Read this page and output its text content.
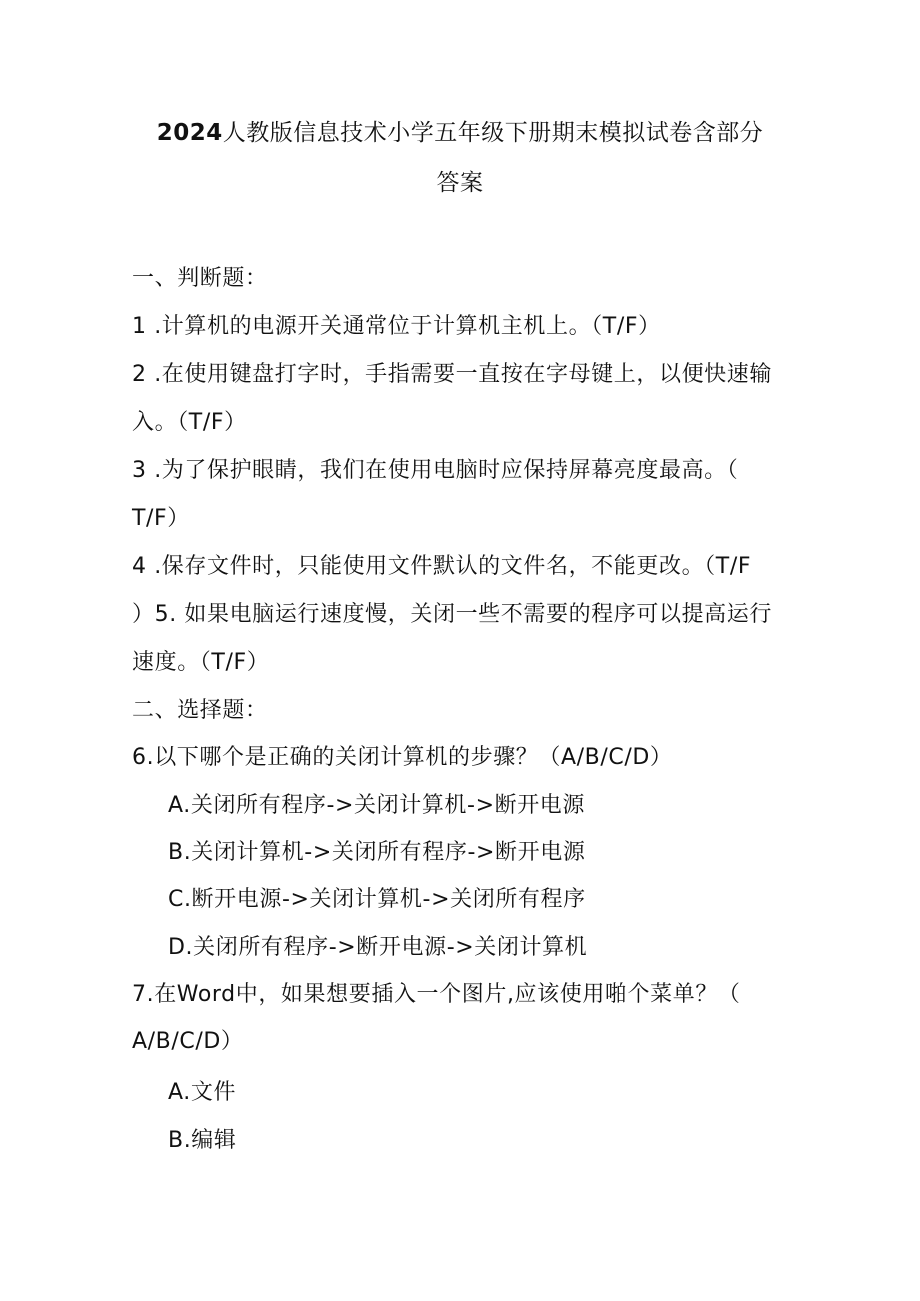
2024人教版信息技术小学五年级下册期末模拟试卷含部分
答案
一、判断题：
1 .计算机的电源开关通常位于计算机主机上。（T/F）
2 .在使用键盘打字时，手指需要一直按在字母键上，以便快速输
入。（T/F）
3 .为了保护眼睛，我们在使用电脑时应保持屏幕亮度最高。（
T/F）
4 .保存文件时，只能使用文件默认的文件名，不能更改。（T/F
）5. 如果电脑运行速度慢，关闭一些不需要的程序可以提高运行
速度。（T/F）
二、选择题：
6.以下哪个是正确的关闭计算机的步骤？（A/B/C/D）
A.关闭所有程序->关闭计算机->断开电源
B.关闭计算机->关闭所有程序->断开电源
C.断开电源->关闭计算机->关闭所有程序
D.关闭所有程序->断开电源->关闭计算机
7.在Word中，如果想要插入一个图片,应该使用啪个菜单？（
A/B/C/D）
A.文件
B.编辑
